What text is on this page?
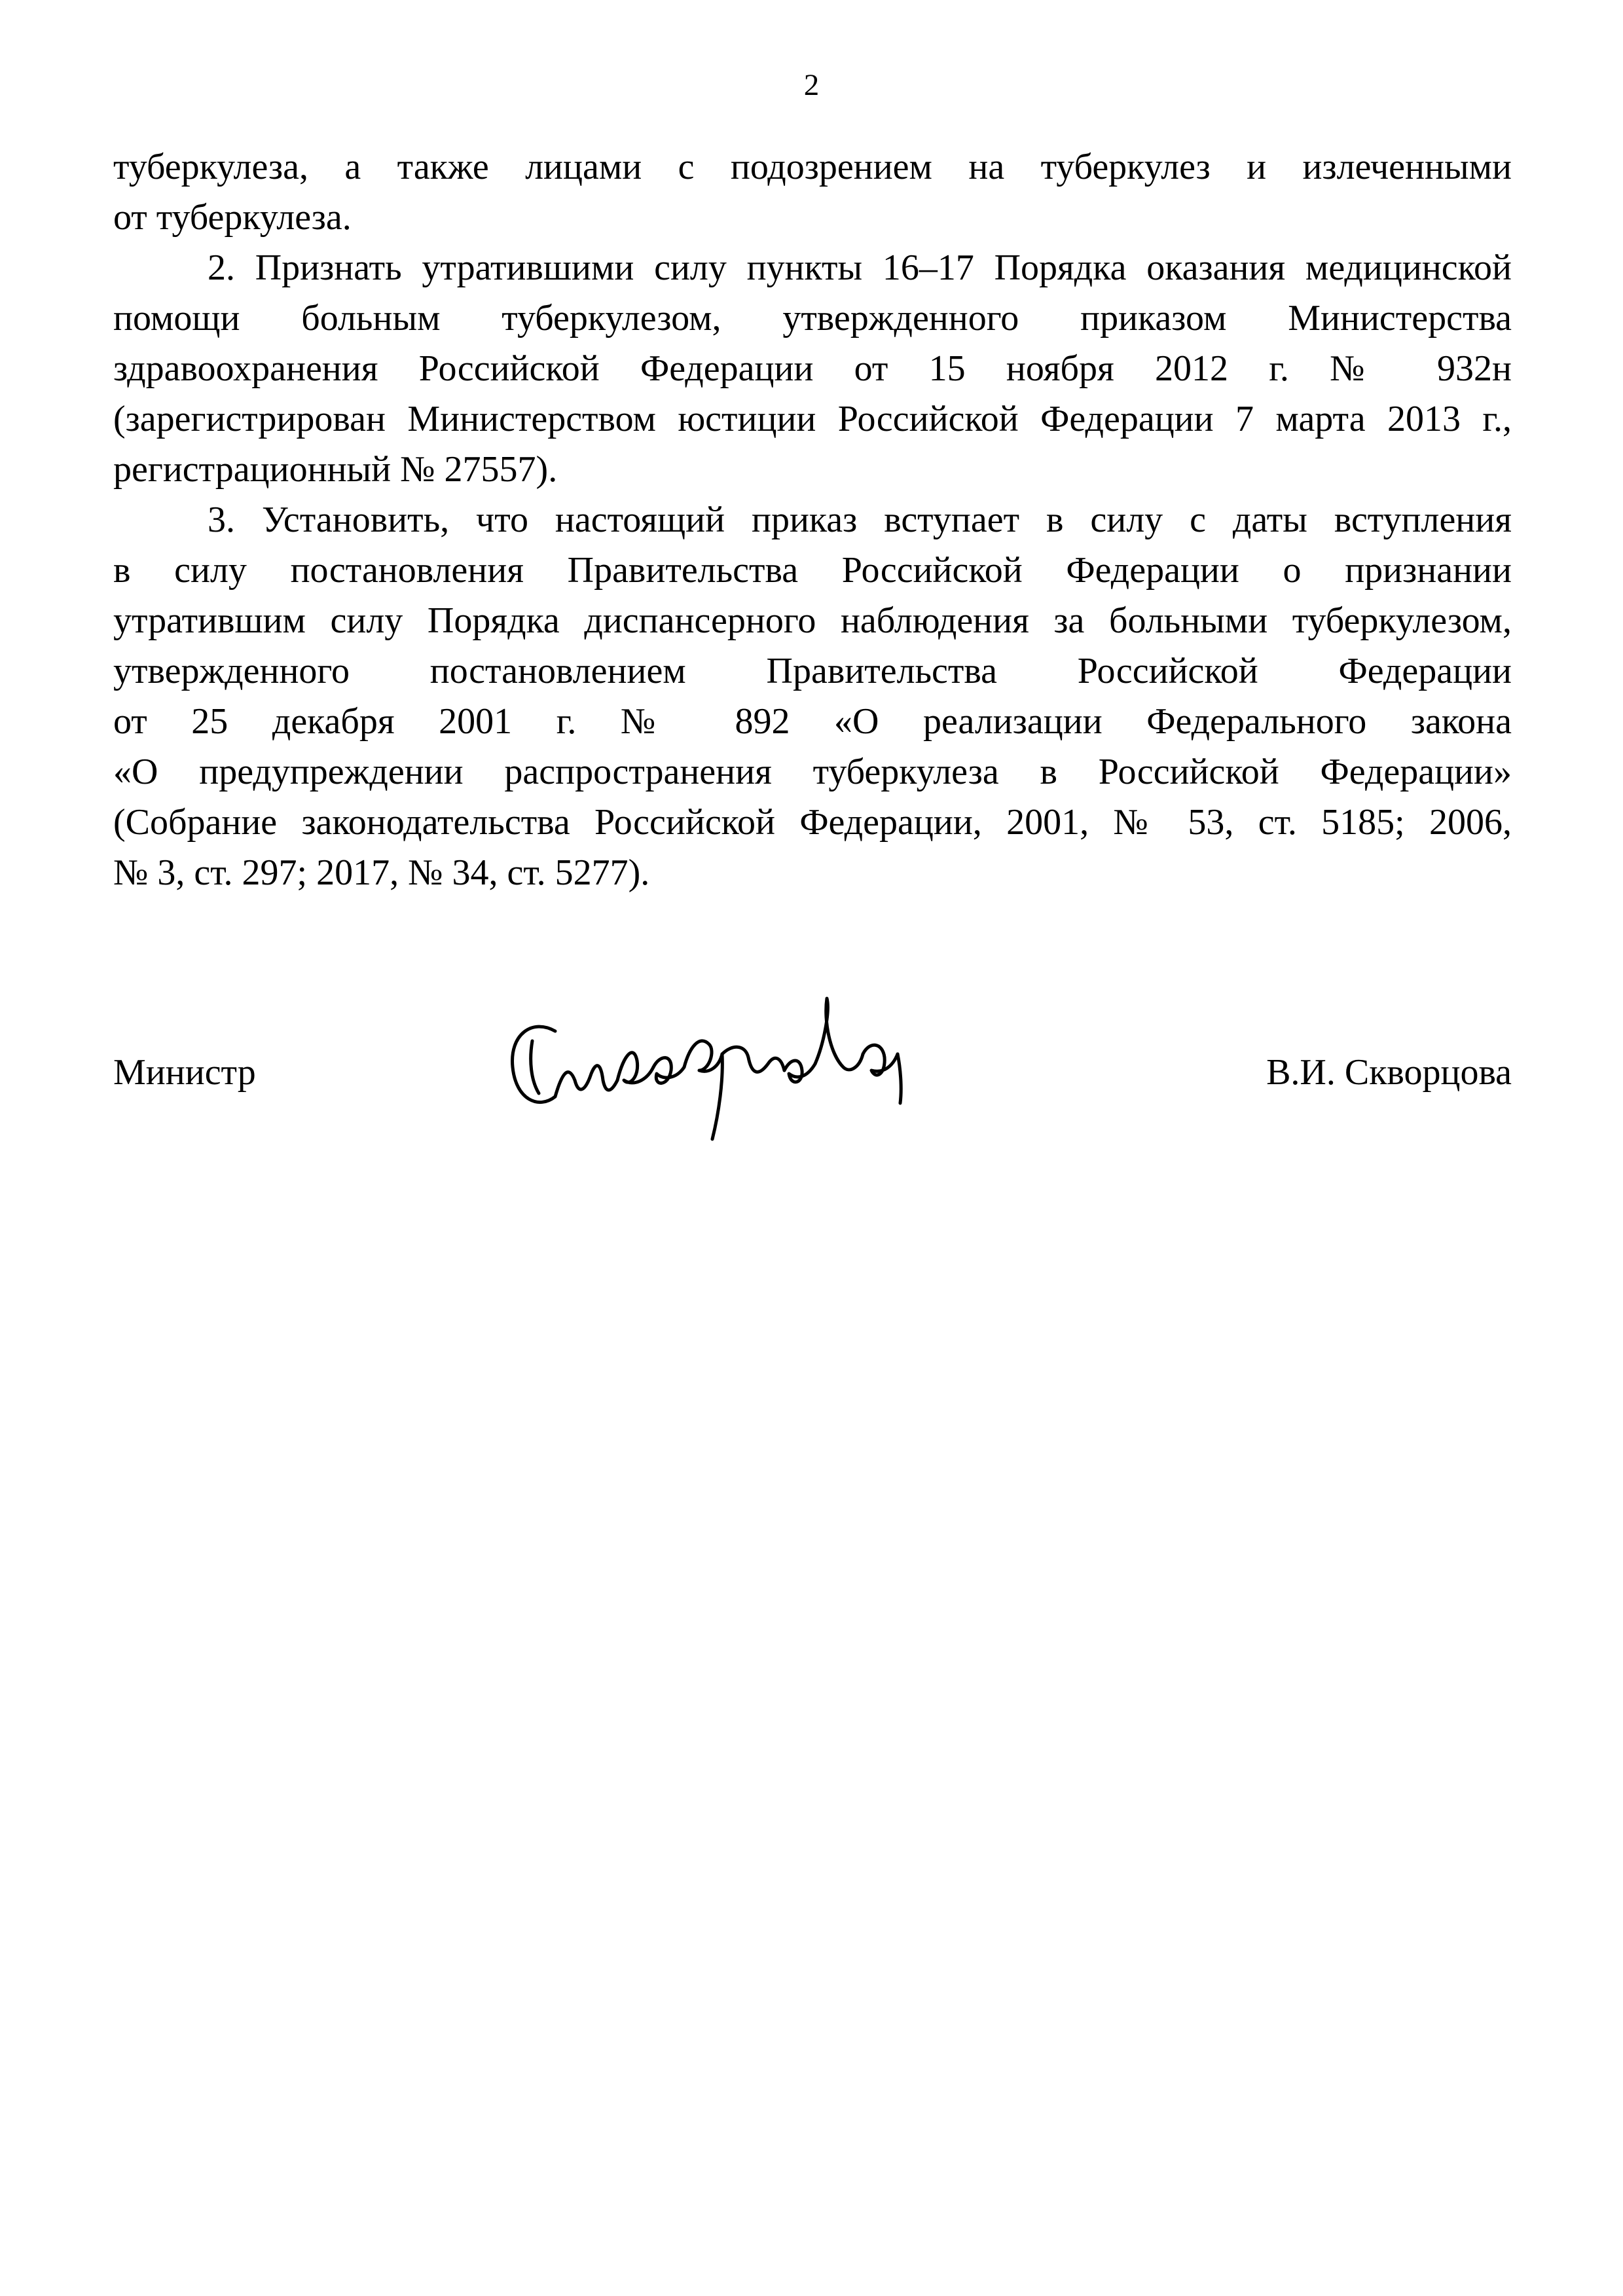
2
туберкулеза, а также лицами с подозрением на туберкулез и излеченными
от туберкулеза.
2. Признать утратившими силу пункты 16–17 Порядка оказания медицинской
помощи больным туберкулезом, утвержденного приказом Министерства
здравоохранения Российской Федерации от 15 ноября 2012 г. № 932н
(зарегистрирован Министерством юстиции Российской Федерации 7 марта 2013 г.,
регистрационный № 27557).
3. Установить, что настоящий приказ вступает в силу с даты вступления
в силу постановления Правительства Российской Федерации о признании
утратившим силу Порядка диспансерного наблюдения за больными туберкулезом,
утвержденного постановлением Правительства Российской Федерации
от 25 декабря 2001 г. № 892 «О реализации Федерального закона
«О предупреждении распространения туберкулеза в Российской Федерации»
(Собрание законодательства Российской Федерации, 2001, № 53, ст. 5185; 2006,
№ 3, ст. 297; 2017, № 34, ст. 5277).
Министр	В.И. Скворцова
